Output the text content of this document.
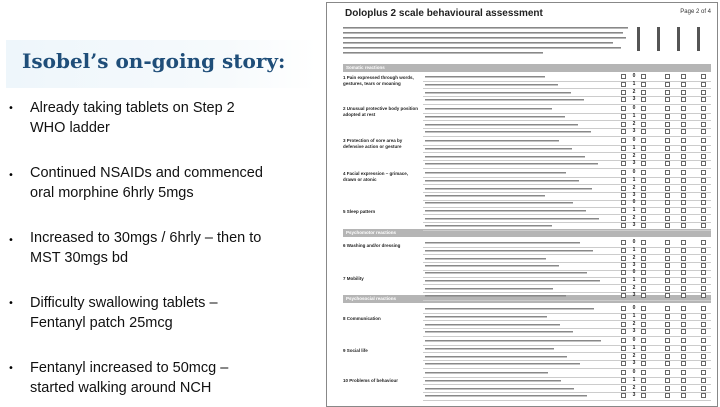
Isobel’s on-going story:
• Already taking tablets on Step 2
WHO ladder
• Continued NSAIDs and commenced
oral morphine 6hrly 5mgs
• Increased to 30mgs / 6hrly – then to
MST 30mgs bd
• Difficulty swallowing tablets –
Fentanyl patch 25mcg
• Fentanyl increased to 50mcg –
started walking around NCH
Doloplus 2 scale behavioural assessment	Page 2 of 4
Somatic reactions
Psychomotor reactions
Psychosocial reactions
1 Pain expressed through words, gestures, tears or moaning
2 Unusual protective body position adopted at rest
3 Protection of sore area by defensive action or gesture
4 Facial expression – grimace, drawn or atonic
5 Sleep pattern
6 Washing and/or dressing
7 Mobility
8 Communication
9 Social life
10 Problems of behaviour
0
1
2
3
0
1
2
3
0
1
2
3
0
1
2
3
0
1
2
3
0
1
2
3
0
1
2
3
0
1
2
3
0
1
2
3
0
1
2
3
